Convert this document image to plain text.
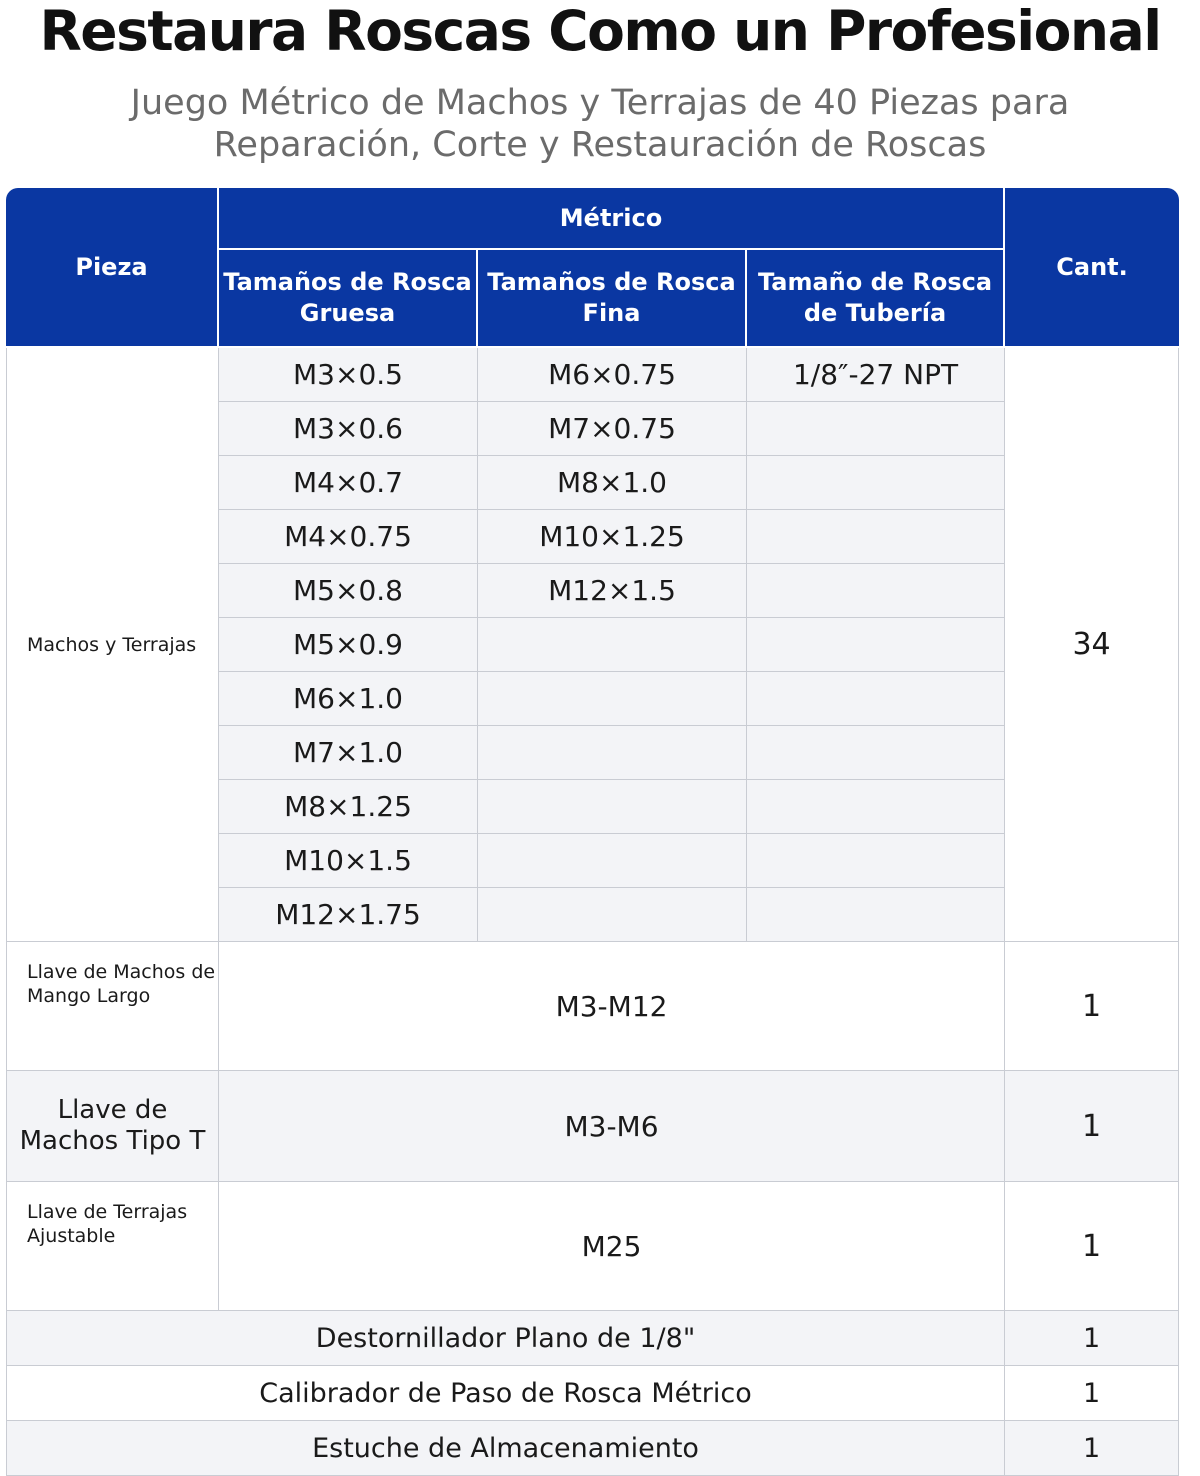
Restaura Roscas Como un Profesional
Juego Métrico de Machos y Terrajas de 40 Piezas para
Reparación, Corte y Restauración de Roscas
Pieza	Métrico			Cant.
	Tamaños de Rosca Gruesa	Tamaños de Rosca Fina	Tamaño de Rosca de Tubería	
Machos y Terrajas	M3×0.5	M6×0.75	1/8″-27 NPT	34
	M3×0.6	M7×0.75		
	M4×0.7	M8×1.0		
	M4×0.75	M10×1.25		
	M5×0.8	M12×1.5		
	M5×0.9			
	M6×1.0			
	M7×1.0			
	M8×1.25			
	M10×1.5			
	M12×1.75			
Llave de Machos de Mango Largo	M3-M12			1
Llave de Machos Tipo T	M3-M6			1
Llave de Terrajas Ajustable	M25			1
Destornillador Plano de 1/8"				1
Calibrador de Paso de Rosca Métrico				1
Estuche de Almacenamiento				1
